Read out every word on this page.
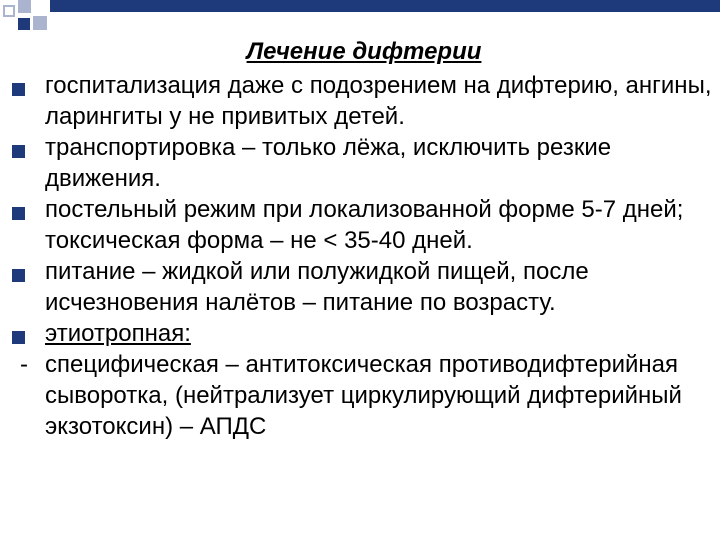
Лечение дифтерии
госпитализация даже с подозрением на дифтерию, ангины, ларингиты у не привитых детей.
транспортировка – только лёжа, исключить резкие движения.
постельный режим при локализованной форме 5-7 дней; токсическая форма – не < 35-40 дней.
питание – жидкой или полужидкой пищей, после исчезновения налётов – питание по возрасту.
этиотропная:
- специфическая – антитоксическая противодифтерийная сыворотка, (нейтрализует циркулирующий дифтерийный экзотоксин) – АПДС
